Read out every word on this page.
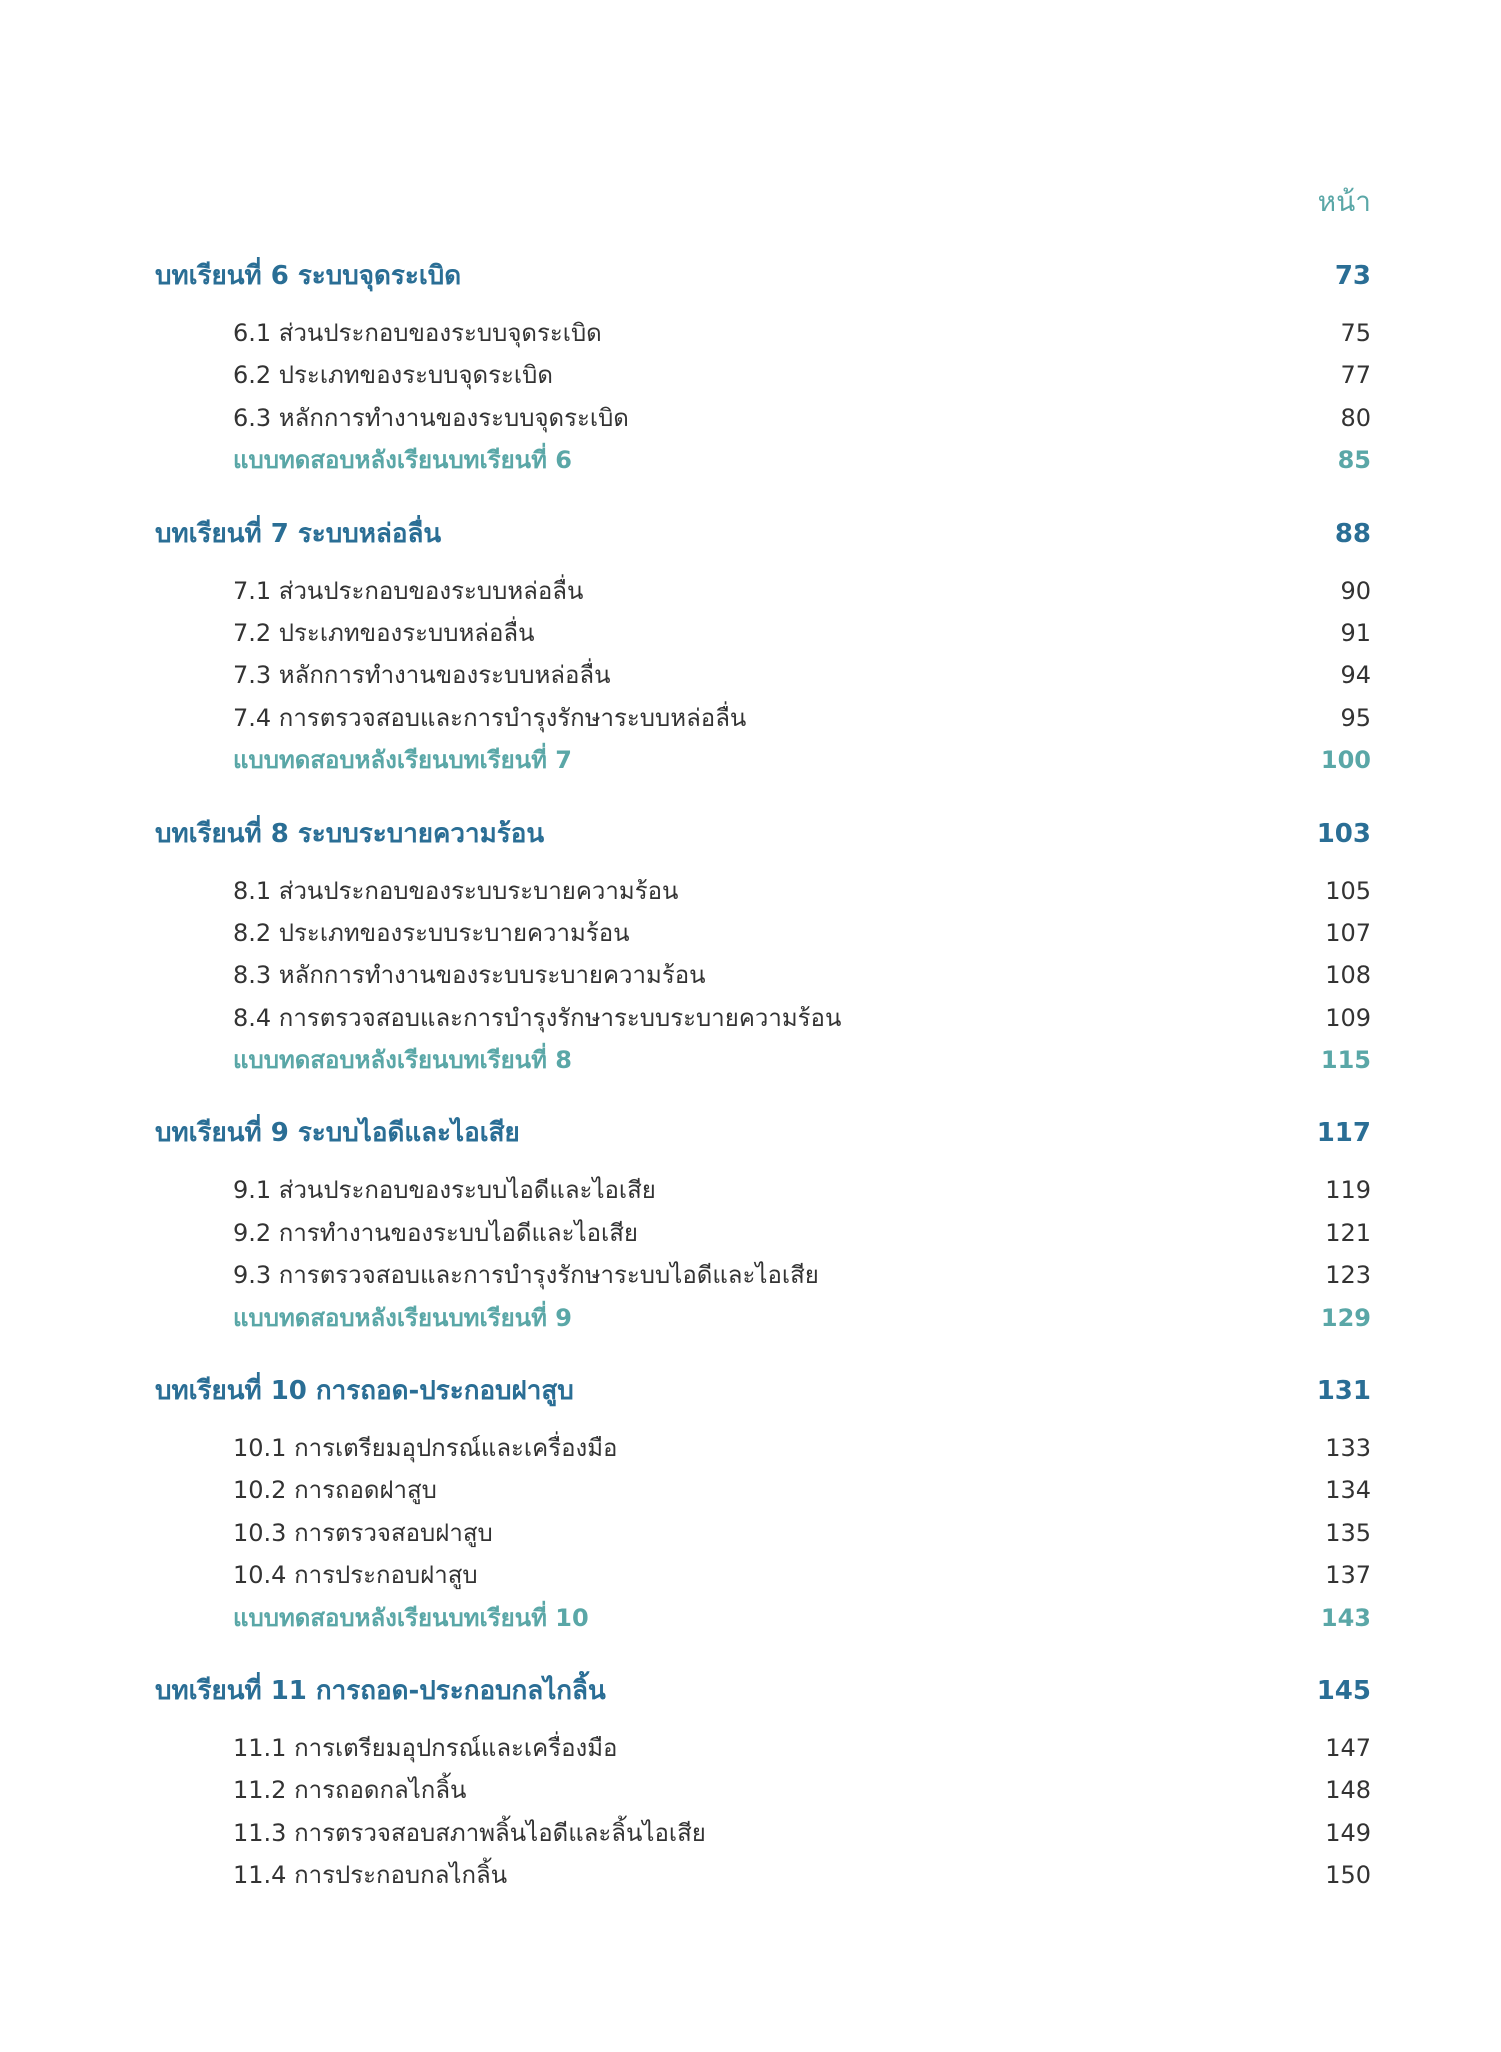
หน้า
บทเรียนที่ 6 ระบบจุดระเบิด	73
6.1 ส่วนประกอบของระบบจุดระเบิด	75
6.2 ประเภทของระบบจุดระเบิด	77
6.3 หลักการทำงานของระบบจุดระเบิด	80
แบบทดสอบหลังเรียนบทเรียนที่ 6	85
บทเรียนที่ 7 ระบบหล่อลื่น	88
7.1 ส่วนประกอบของระบบหล่อลื่น	90
7.2 ประเภทของระบบหล่อลื่น	91
7.3 หลักการทำงานของระบบหล่อลื่น	94
7.4 การตรวจสอบและการบำรุงรักษาระบบหล่อลื่น	95
แบบทดสอบหลังเรียนบทเรียนที่ 7	100
บทเรียนที่ 8 ระบบระบายความร้อน	103
8.1 ส่วนประกอบของระบบระบายความร้อน	105
8.2 ประเภทของระบบระบายความร้อน	107
8.3 หลักการทำงานของระบบระบายความร้อน	108
8.4 การตรวจสอบและการบำรุงรักษาระบบระบายความร้อน	109
แบบทดสอบหลังเรียนบทเรียนที่ 8	115
บทเรียนที่ 9 ระบบไอดีและไอเสีย	117
9.1 ส่วนประกอบของระบบไอดีและไอเสีย	119
9.2 การทำงานของระบบไอดีและไอเสีย	121
9.3 การตรวจสอบและการบำรุงรักษาระบบไอดีและไอเสีย	123
แบบทดสอบหลังเรียนบทเรียนที่ 9	129
บทเรียนที่ 10 การถอด-ประกอบฝาสูบ	131
10.1 การเตรียมอุปกรณ์และเครื่องมือ	133
10.2 การถอดฝาสูบ	134
10.3 การตรวจสอบฝาสูบ	135
10.4 การประกอบฝาสูบ	137
แบบทดสอบหลังเรียนบทเรียนที่ 10	143
บทเรียนที่ 11 การถอด-ประกอบกลไกลิ้น	145
11.1 การเตรียมอุปกรณ์และเครื่องมือ	147
11.2 การถอดกลไกลิ้น	148
11.3 การตรวจสอบสภาพลิ้นไอดีและลิ้นไอเสีย	149
11.4 การประกอบกลไกลิ้น	150
